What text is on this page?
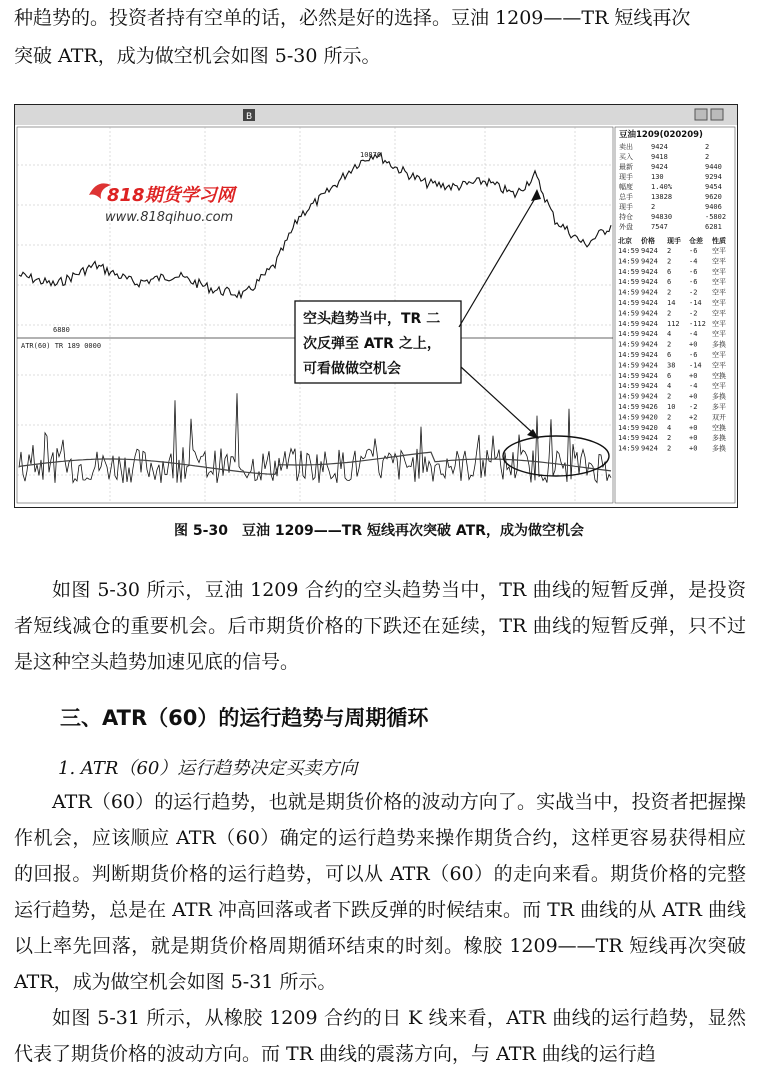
种趋势的。投资者持有空单的话，必然是好的选择。豆油 1209——TR 短线再次

突破 ATR，成为做空机会如图 5-30 所示。

B
10876
6880
ATR(60) TR 189 0000
818期货学习网
www.818qihuo.com
空头趋势当中，TR 二
次反弹至 ATR 之上，
可看做做空机会
豆油1209(020209)
卖出	9424	2
买入	9418	2
最新	9424	9440
现手	130	9294
幅度	1.40%	9454
总手	13828	9620
现手	2	9406
持仓	94830	-5802
外盘	7547	6281
北京 价格 现手 仓差 性质
14:59 9424 2	-6 空平
14:59 9424 2	-4 空平
14:59 9424 6	-6 空平
14:59 9424 6	-6 空平
14:59 9424 2	-2 空平
14:59 9424 14 -14 空平
14:59 9424 2	-2 空平
14:59 9424 112 -112 空平
14:59 9424 4	-4 空平
14:59 9424 2	+0 多换
14:59 9424 6	-6 空平
14:59 9424 38 -14 空平
14:59 9424 6	+0 空换
14:59 9424 4	-4 空平
14:59 9424 2	+0 多换
14:59 9426 10 -2 多平
14:59 9420 2	+2 双开
14:59 9420 4	+0 空换
14:59 9424 2	+0 多换
14:59 9424 2	+0 多换
图 5-30　豆油 1209——TR 短线再次突破 ATR，成为做空机会

如图 5-30 所示，豆油 1209 合约的空头趋势当中，TR 曲线的短暂反弹，是投资者短线减仓的重要机会。后市期货价格的下跌还在延续，TR 曲线的短暂反弹，只不过是这种空头趋势加速见底的信号。

三、ATR（60）的运行趋势与周期循环
1. ATR（60）运行趋势决定买卖方向

ATR（60）的运行趋势，也就是期货价格的波动方向了。实战当中，投资者把握操作机会，应该顺应 ATR（60）确定的运行趋势来操作期货合约，这样更容易获得相应的回报。判断期货价格的运行趋势，可以从 ATR（60）的走向来看。期货价格的完整运行趋势，总是在 ATR 冲高回落或者下跌反弹的时候结束。而 TR 曲线的从 ATR 曲线以上率先回落，就是期货价格周期循环结束的时刻。橡胶 1209——TR 短线再次突破 ATR，成为做空机会如图 5-31 所示。

如图 5-31 所示，从橡胶 1209 合约的日 K 线来看，ATR 曲线的运行趋势，显然代表了期货价格的波动方向。而 TR 曲线的震荡方向，与 ATR 曲线的运行趋
